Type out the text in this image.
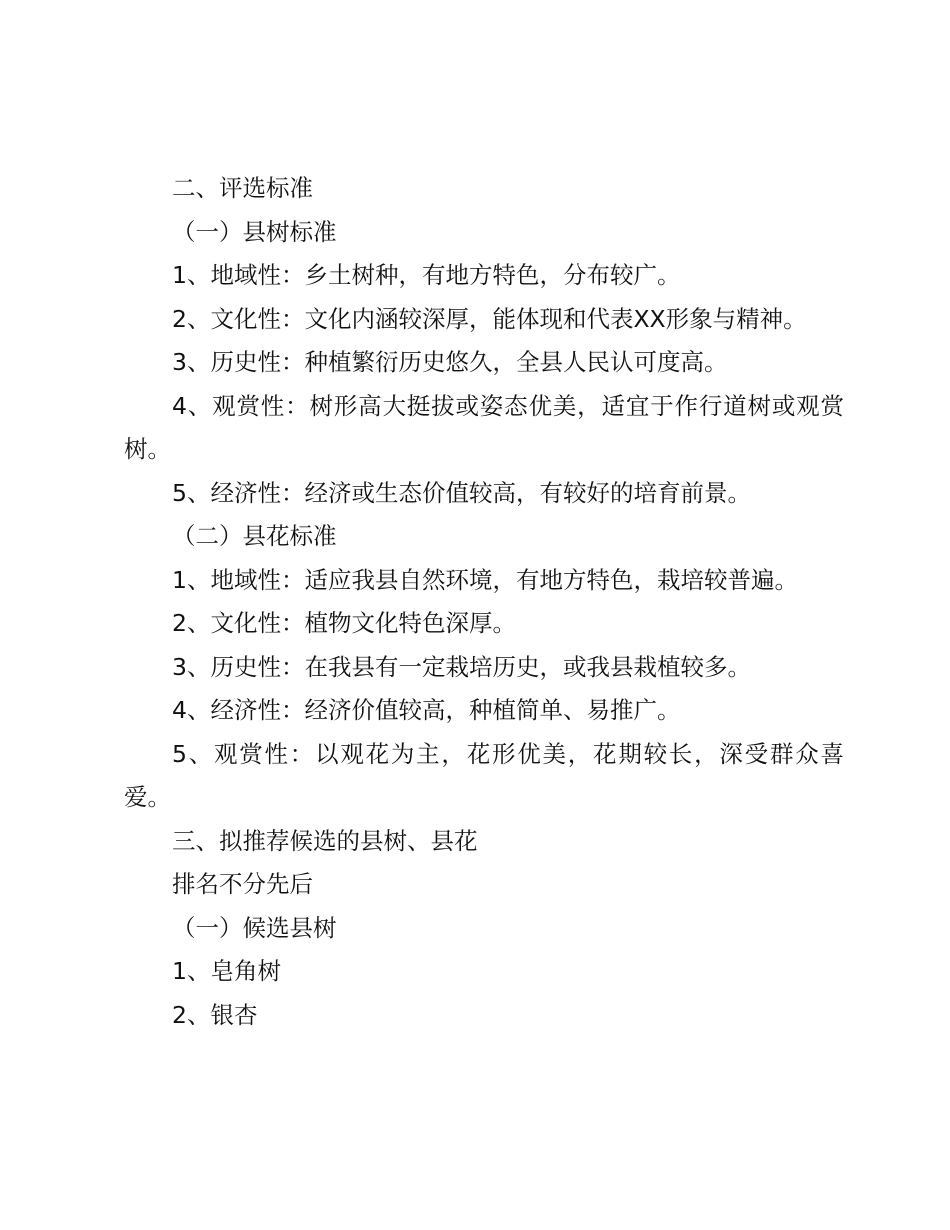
二、评选标准

（一）县树标准

1、地域性：乡土树种，有地方特色，分布较广。

2、文化性：文化内涵较深厚，能体现和代表XX形象与精神。

3、历史性：种植繁衍历史悠久，全县人民认可度高。

4、观赏性：树形高大挺拔或姿态优美，适宜于作行道树或观赏树。

5、经济性：经济或生态价值较高，有较好的培育前景。

（二）县花标准

1、地域性：适应我县自然环境，有地方特色，栽培较普遍。

2、文化性：植物文化特色深厚。

3、历史性：在我县有一定栽培历史，或我县栽植较多。

4、经济性：经济价值较高，种植简单、易推广。

5、观赏性：以观花为主，花形优美，花期较长，深受群众喜爱。

三、拟推荐候选的县树、县花

排名不分先后

（一）候选县树

1、皂角树

2、银杏
